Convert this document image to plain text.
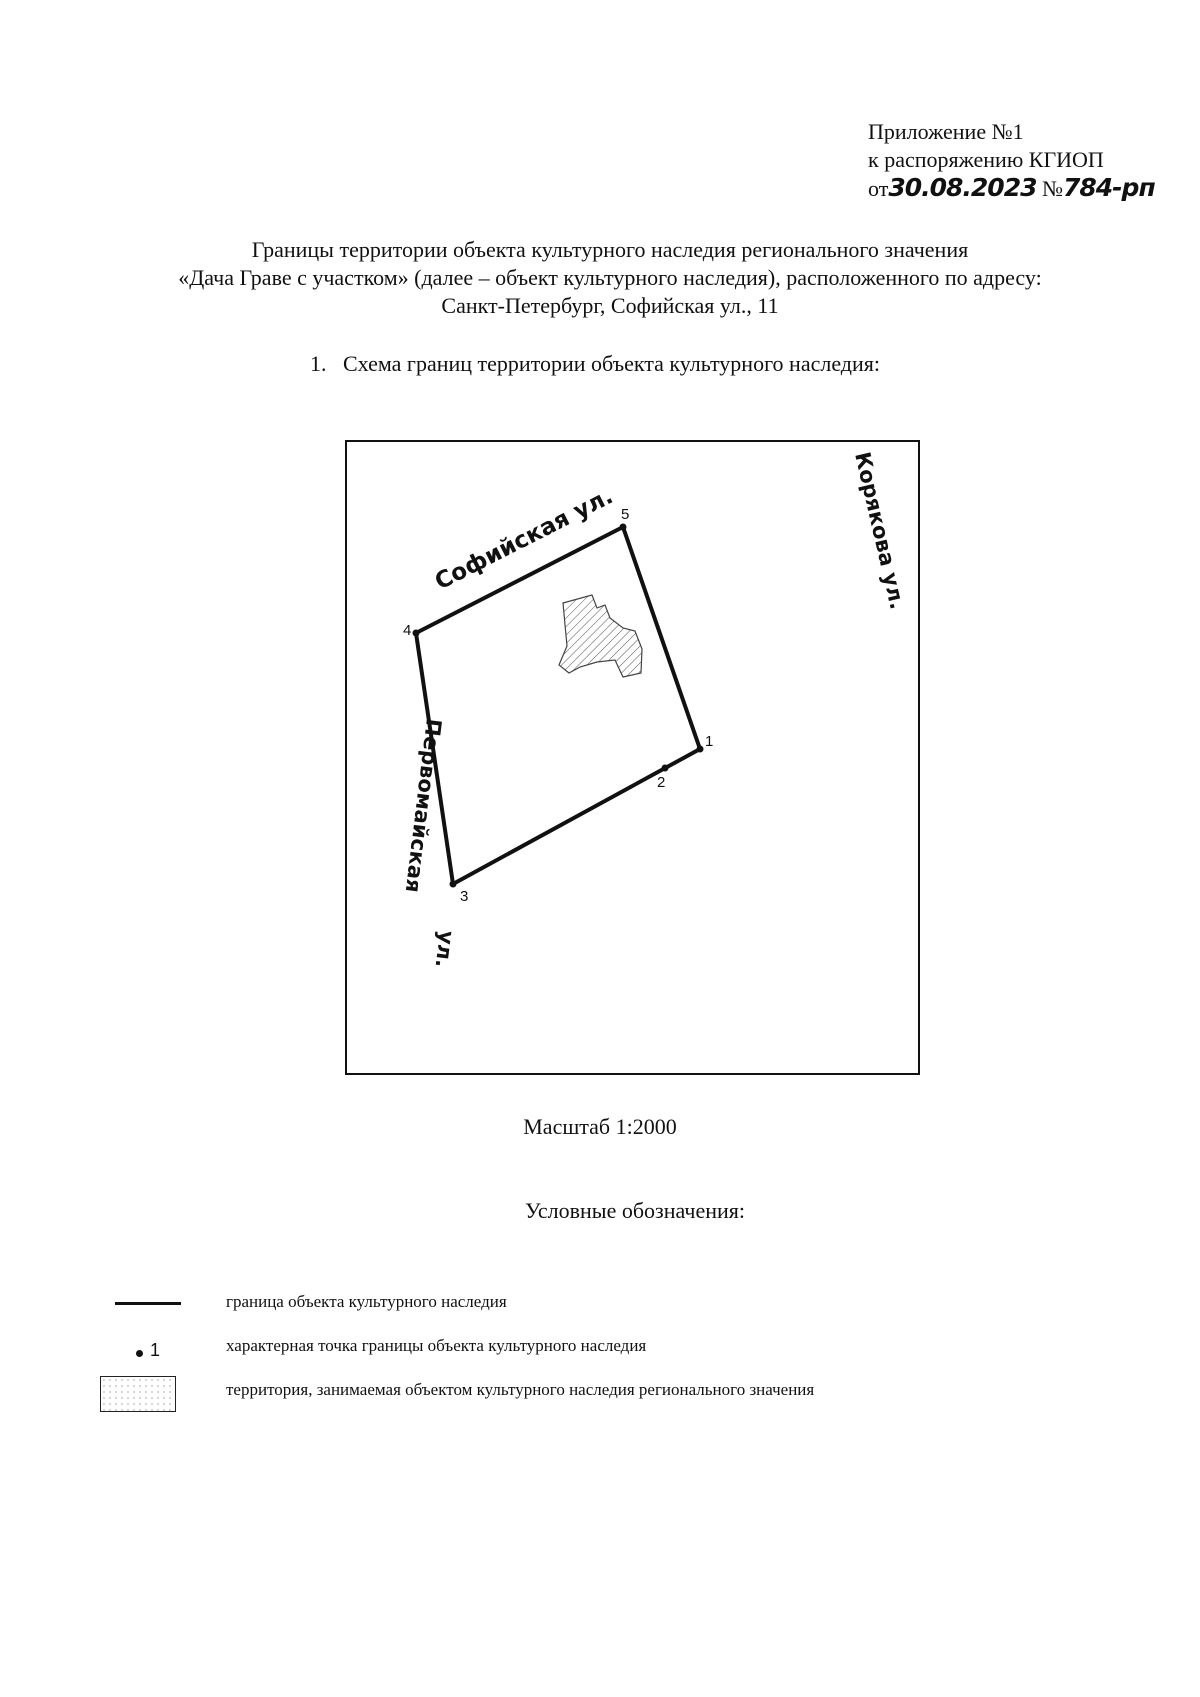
Приложение №1
к распоряжению КГИОП
от30.08.2023 №784-рп
Границы территории объекта культурного наследия регионального значения
«Дача Граве с участком» (далее – объект культурного наследия), расположенного по адресу:
Санкт-Петербург, Софийская ул., 11
1. Схема границ территории объекта культурного наследия:
1
2
3
4
5
Софийская ул.
Первомайская
ул.
Корякова ул.
Масштаб 1:2000
Условные обозначения:
граница объекта культурного наследия
1	характерная точка границы объекта культурного наследия
территория, занимаемая объектом культурного наследия регионального значения
